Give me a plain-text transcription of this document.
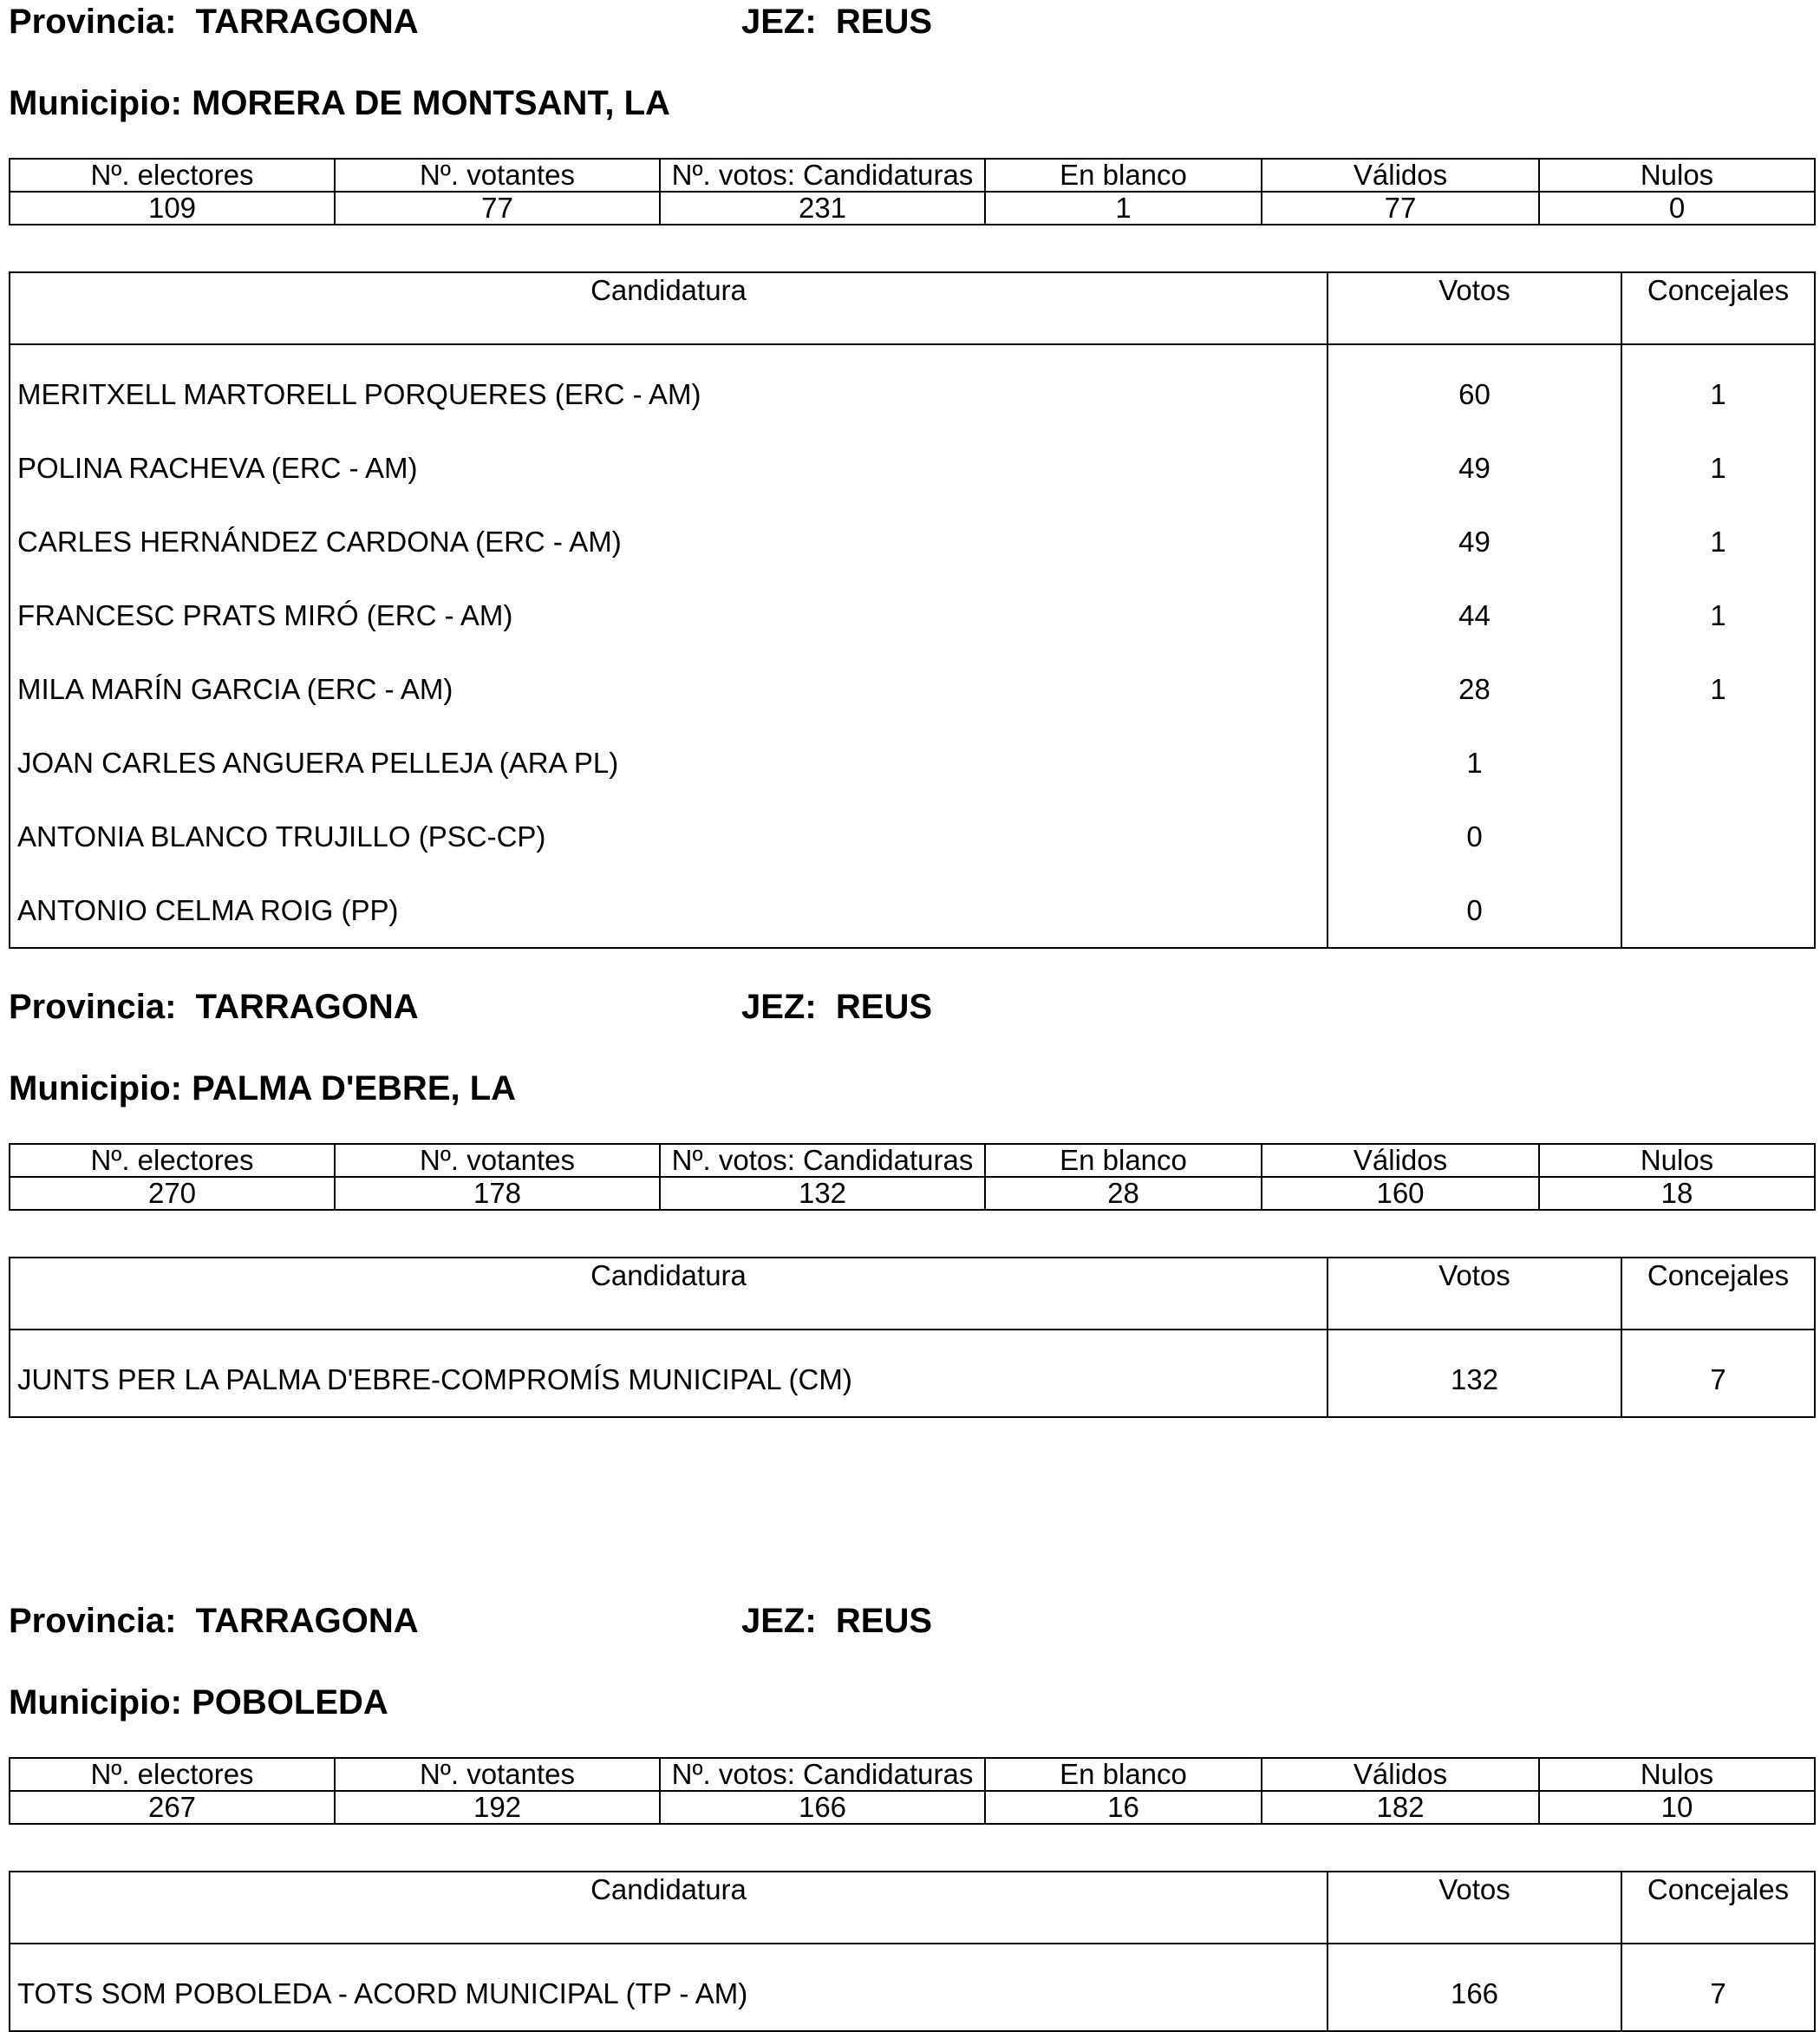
Provincia: TARRAGONA	JEZ: REUS
Municipio: MORERA DE MONTSANT, LA
Nº. electores	Nº. votantes	Nº. votos: Candidaturas	En blanco	Válidos	Nulos
109	77	231	1	77	0
Candidatura	Votos	Concejales
MERITXELL MARTORELL PORQUERES (ERC - AM)	60	1
POLINA RACHEVA (ERC - AM)	49	1
CARLES HERNÁNDEZ CARDONA (ERC - AM)	49	1
FRANCESC PRATS MIRÓ (ERC - AM)	44	1
MILA MARÍN GARCIA (ERC - AM)	28	1
JOAN CARLES ANGUERA PELLEJA (ARA PL)	1	
ANTONIA BLANCO TRUJILLO (PSC-CP)	0	
ANTONIO CELMA ROIG (PP)	0	
Provincia: TARRAGONA	JEZ: REUS
Municipio: PALMA D'EBRE, LA
Nº. electores	Nº. votantes	Nº. votos: Candidaturas	En blanco	Válidos	Nulos
270	178	132	28	160	18
Candidatura	Votos	Concejales
JUNTS PER LA PALMA D'EBRE-COMPROMÍS MUNICIPAL (CM)	132	7
Provincia: TARRAGONA	JEZ: REUS
Municipio: POBOLEDA
Nº. electores	Nº. votantes	Nº. votos: Candidaturas	En blanco	Válidos	Nulos
267	192	166	16	182	10
Candidatura	Votos	Concejales
TOTS SOM POBOLEDA - ACORD MUNICIPAL (TP - AM)	166	7
